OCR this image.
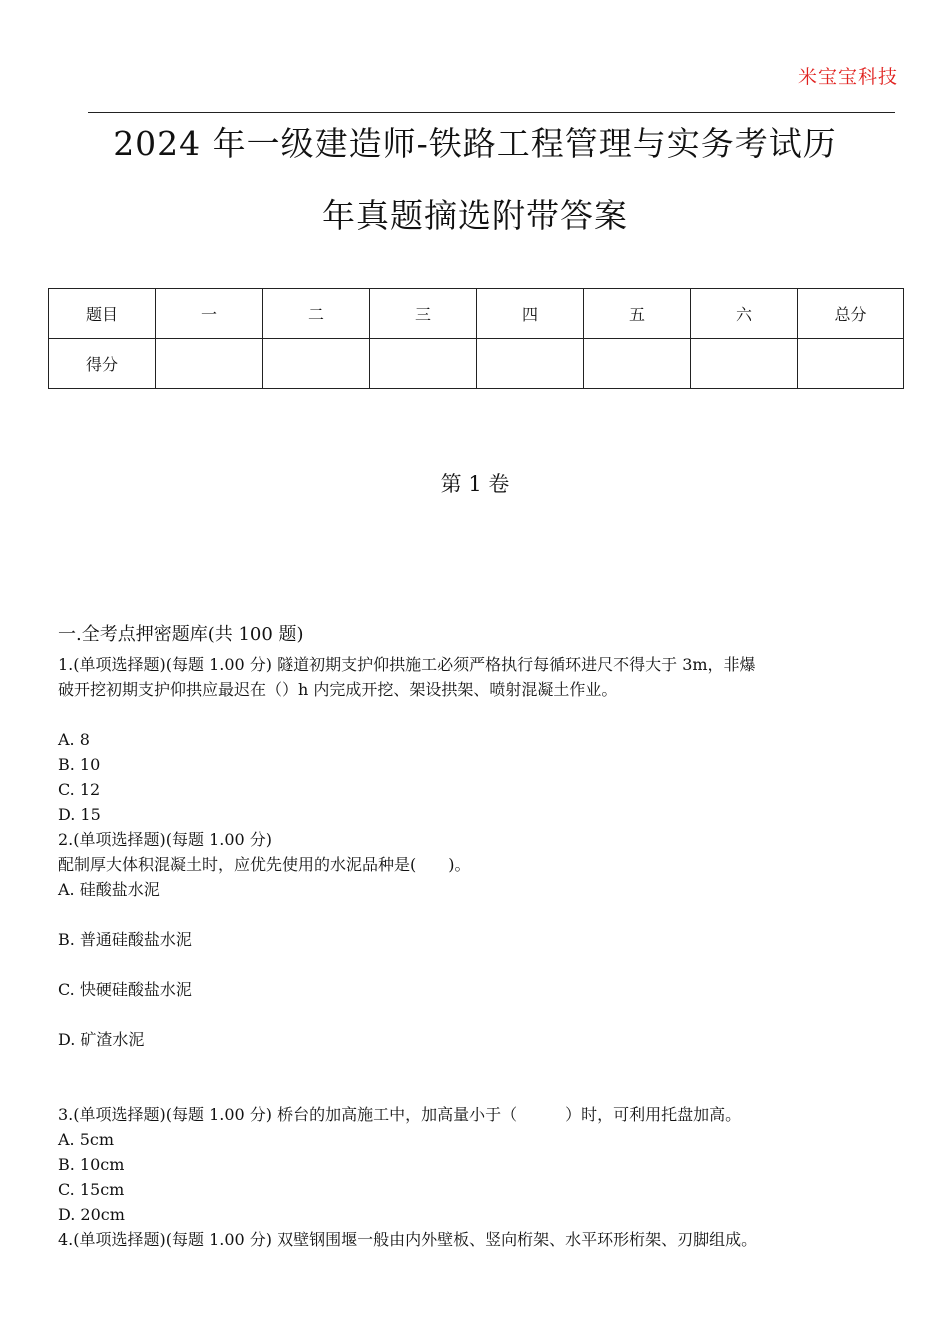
米宝宝科技
2024 年一级建造师-铁路工程管理与实务考试历
年真题摘选附带答案
题目	一	二	三	四	五	六	总分
得分							
第 1 卷
一.全考点押密题库(共 100 题)
1.(单项选择题)(每题 1.00 分) 隧道初期支护仰拱施工必须严格执行每循环进尺不得大于 3m，非爆
破开挖初期支护仰拱应最迟在（）h 内完成开挖、架设拱架、喷射混凝土作业。
A. 8
B. 10
C. 12
D. 15
2.(单项选择题)(每题 1.00 分)
配制厚大体积混凝土时，应优先使用的水泥品种是(　　)。
A. 硅酸盐水泥
B. 普通硅酸盐水泥
C. 快硬硅酸盐水泥
D. 矿渣水泥
3.(单项选择题)(每题 1.00 分) 桥台的加高施工中，加高量小于（　　　）时，可利用托盘加高。
A. 5cm
B. 10cm
C. 15cm
D. 20cm
4.(单项选择题)(每题 1.00 分) 双壁钢围堰一般由内外壁板、竖向桁架、水平环形桁架、刃脚组成。
